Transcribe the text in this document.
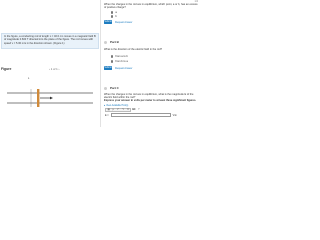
In the figure, a conducting rod of length L = 40.0 cm moves in a magnetic field B of magnitude 0.600 T directed into the plane of the figure. The rod moves with speed v = 5.00 m/s in the direction shown. (Figure 1)
Figure	‹ 1 of 1 ›
L
1/4
When the charges in the rod are in equilibrium, which point, a or b, has an excess of positive charge?
a
b
Submit Request Answer
Part B
What is the direction of the electric field in the rod?
from a to b
from b to a
Submit Request Answer
Part C
When the charges in the rod are in equilibrium, what is the magnitude E of the electric field within the rod?
Express your answer in volts per meter to at least three significant figures.
▸ View Available Hint(s)
▦ μ ↶ ↷ ⟲ ⌨ ?
E =	V/m
